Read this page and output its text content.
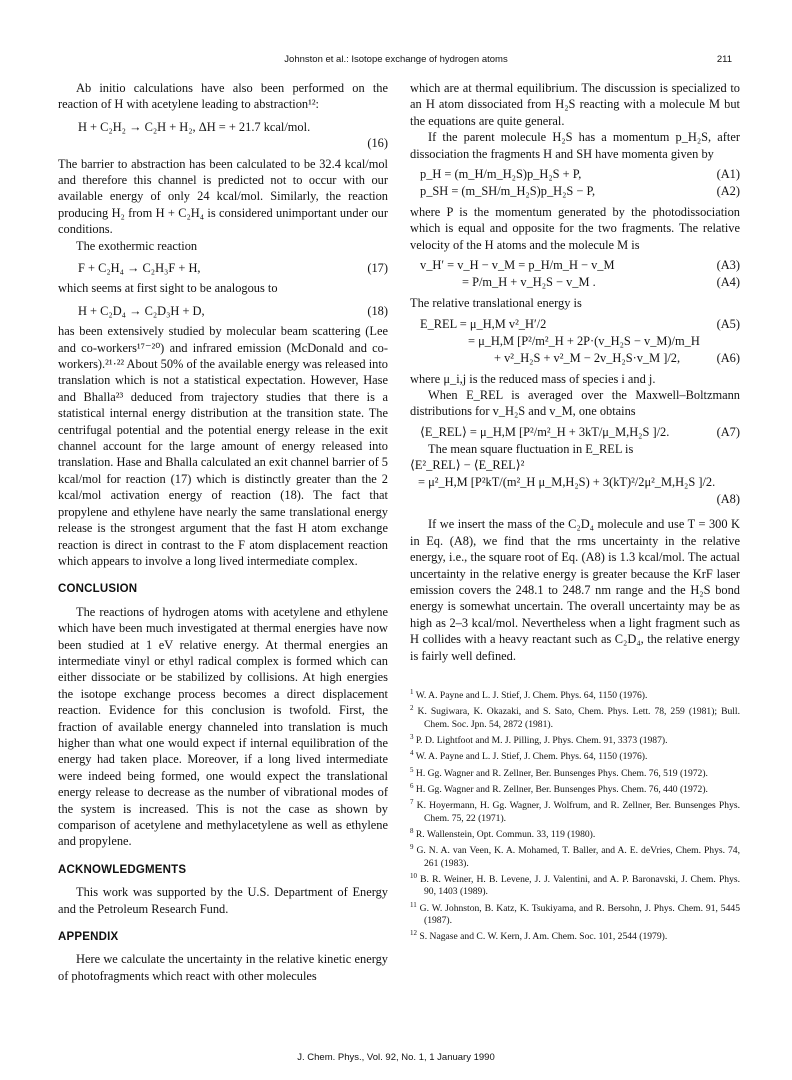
Johnston et al.: Isotope exchange of hydrogen atoms	211

Ab initio calculations have also been performed on the reaction of H with acetylene leading to abstraction¹²:

H + C₂H₂ → C₂H + H₂, ΔH = + 21.7 kcal/mol.
(16)

The barrier to abstraction has been calculated to be 32.4 kcal/mol and therefore this channel is predicted not to occur with our available energy of only 24 kcal/mol. Similarly, the reaction producing H₂ from H + C₂H₄ is considered unimportant under our conditions.

The exothermic reaction

F + C₂H₄ → C₂H₃F + H,	(17)

which seems at first sight to be analogous to

H + C₂D₄ → C₂D₃H + D,	(18)

has been extensively studied by molecular beam scattering (Lee and co-workers¹⁷⁻²⁰) and infrared emission (McDonald and co-workers).²¹·²² About 50% of the available energy was released into translation which is not a statistical expectation. However, Hase and Bhalla²³ deduced from trajectory studies that there is a statistical internal energy distribution at the transition state. The centrifugal potential and the potential energy release in the exit channel account for the large amount of energy released into translation. Hase and Bhalla calculated an exit channel barrier of 5 kcal/mol for reaction (17) which is distinctly greater than the 2 kcal/mol activation energy of reaction (18). The fact that propylene and ethylene have nearly the same translational energy release is the strongest argument that the fast H atom exchange reaction is direct in contrast to the F atom displacement reaction which appears to involve a long lived intermediate complex.

CONCLUSION

The reactions of hydrogen atoms with acetylene and ethylene which have been much investigated at thermal energies have now been studied at 1 eV relative energy. At thermal energies an intermediate vinyl or ethyl radical complex is formed which can either dissociate or be stabilized by collisions. At high energies the isotope exchange process becomes a direct displacement reaction. Evidence for this conclusion is twofold. First, the fraction of available energy channeled into translation is much higher than what one would expect if internal equilibration of the energy had taken place. Moreover, if a long lived intermediate were indeed being formed, one would expect the translational energy release to decrease as the number of vibrational modes of the system is increased. This is not the case as shown by comparison of acetylene and methylacetylene as well as ethylene and propylene.

ACKNOWLEDGMENTS

This work was supported by the U.S. Department of Energy and the Petroleum Research Fund.

APPENDIX

Here we calculate the uncertainty in the relative kinetic energy of photofragments which react with other molecules

which are at thermal equilibrium. The discussion is specialized to an H atom dissociated from H₂S reacting with a molecule M but the equations are quite general.

If the parent molecule H₂S has a momentum p_H₂S, after dissociation the fragments H and SH have momenta given by

p_H = (m_H/m_H₂S)p_H₂S + P,	(A1)
p_SH = (m_SH/m_H₂S)p_H₂S − P,	(A2)

where P is the momentum generated by the photodissociation which is equal and opposite for the two fragments. The relative velocity of the H atoms and the molecule M is

v_H′ = v_H − v_M = p_H/m_H − v_M	(A3)
= P/m_H + v_H₂S − v_M .	(A4)

The relative translational energy is

E_REL = μ_H,M v²_H′/2	(A5)
= μ_H,M [P²/m²_H + 2P·(v_H₂S − v_M)/m_H
+ v²_H₂S + v²_M − 2v_H₂S·v_M ]/2,	(A6)

where μ_i,j is the reduced mass of species i and j.

When E_REL is averaged over the Maxwell–Boltzmann distributions for v_H₂S and v_M, one obtains

⟨E_REL⟩ = μ_H,M [P²/m²_H + 3kT/μ_M,H₂S ]/2.	(A7)

The mean square fluctuation in E_REL is

⟨E²_REL⟩ − ⟨E_REL⟩²
= μ²_H,M [P²kT/(m²_H μ_M,H₂S) + 3(kT)²/2μ²_M,H₂S ]/2.
(A8)

If we insert the mass of the C₂D₄ molecule and use T = 300 K in Eq. (A8), we find that the rms uncertainty in the relative energy, i.e., the square root of Eq. (A8) is 1.3 kcal/mol. The actual uncertainty in the relative energy is greater because the KrF laser emission covers the 248.1 to 248.7 nm range and the H₂S bond energy is somewhat uncertain. The overall uncertainty may be as high as 2–3 kcal/mol. Nevertheless when a light fragment such as H collides with a heavy reactant such as C₂D₄, the relative energy is fairly well defined.

$^1$ W. A. Payne and L. J. Stief, J. Chem. Phys. 64, 1150 (1976).

$^2$ K. Sugiwara, K. Okazaki, and S. Sato, Chem. Phys. Lett. 78, 259 (1981); Bull. Chem. Soc. Jpn. 54, 2872 (1981).

$^3$ P. D. Lightfoot and M. J. Pilling, J. Phys. Chem. 91, 3373 (1987).

$^4$ W. A. Payne and L. J. Stief, J. Chem. Phys. 64, 1150 (1976).

$^5$ H. Gg. Wagner and R. Zellner, Ber. Bunsenges Phys. Chem. 76, 519 (1972).

$^6$ H. Gg. Wagner and R. Zellner, Ber. Bunsenges Phys. Chem. 76, 440 (1972).

$^7$ K. Hoyermann, H. Gg. Wagner, J. Wolfrum, and R. Zellner, Ber. Bunsenges Phys. Chem. 75, 22 (1971).

$^8$ R. Wallenstein, Opt. Commun. 33, 119 (1980).

$^9$ G. N. A. van Veen, K. A. Mohamed, T. Baller, and A. E. deVries, Chem. Phys. 74, 261 (1983).

$^{10}$ B. R. Weiner, H. B. Levene, J. J. Valentini, and A. P. Baronavski, J. Chem. Phys. 90, 1403 (1989).

$^{11}$ G. W. Johnston, B. Katz, K. Tsukiyama, and R. Bersohn, J. Phys. Chem. 91, 5445 (1987).

$^{12}$ S. Nagase and C. W. Kern, J. Am. Chem. Soc. 101, 2544 (1979).

J. Chem. Phys., Vol. 92, No. 1, 1 January 1990
